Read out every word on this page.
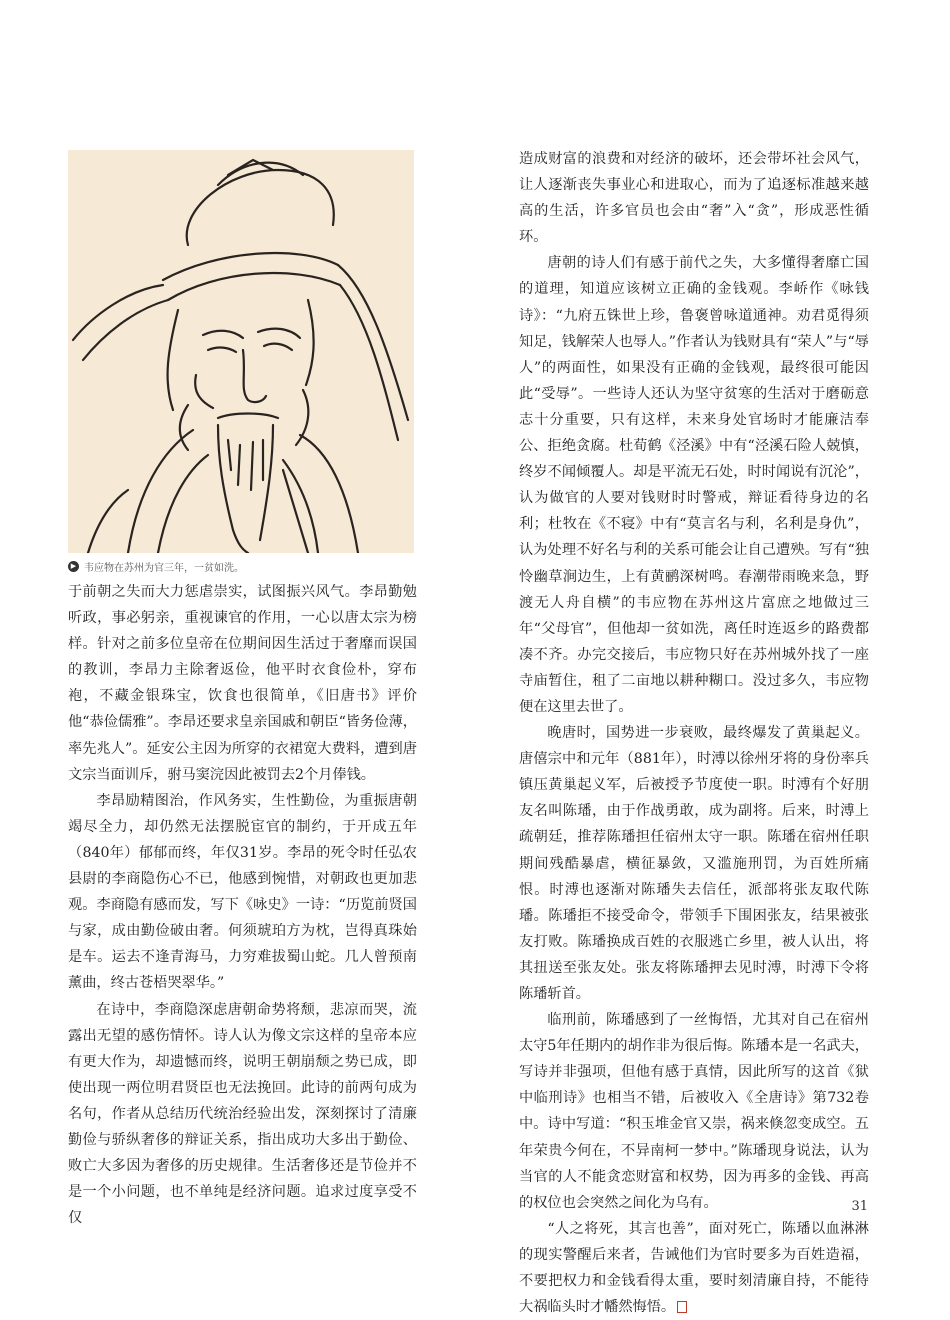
▶ 韦应物在苏州为官三年，一贫如洗。

于前朝之失而大力惩虐崇实，试图振兴风气。李昂勤勉听政，事必躬亲，重视谏官的作用，一心以唐太宗为榜样。针对之前多位皇帝在位期间因生活过于奢靡而误国的教训，李昂力主除奢返俭，他平时衣食俭朴，穿布袍，不藏金银珠宝，饮食也很简单，《旧唐书》评价他“恭俭儒雅”。李昂还要求皇亲国戚和朝臣“皆务俭薄，率先兆人”。延安公主因为所穿的衣裙宽大费料，遭到唐文宗当面训斥，驸马窦浣因此被罚去2个月俸钱。

李昂励精图治，作风务实，生性勤俭，为重振唐朝竭尽全力，却仍然无法摆脱宦官的制约，于开成五年（840年）郁郁而终，年仅31岁。李昂的死令时任弘农县尉的李商隐伤心不已，他感到惋惜，对朝政也更加悲观。李商隐有感而发，写下《咏史》一诗：“历览前贤国与家，成由勤俭破由奢。何须琥珀方为枕，岂得真珠始是车。运去不逢青海马，力穷难拔蜀山蛇。几人曾预南薰曲，终古苍梧哭翠华。”

在诗中，李商隐深虑唐朝命势将颓，悲凉而哭，流露出无望的感伤情怀。诗人认为像文宗这样的皇帝本应有更大作为，却遗憾而终，说明王朝崩颓之势已成，即使出现一两位明君贤臣也无法挽回。此诗的前两句成为名句，作者从总结历代统治经验出发，深刻探讨了清廉勤俭与骄纵奢侈的辩证关系，指出成功大多出于勤俭、败亡大多因为奢侈的历史规律。生活奢侈还是节俭并不是一个小问题，也不单纯是经济问题。追求过度享受不仅

造成财富的浪费和对经济的破坏，还会带坏社会风气，让人逐渐丧失事业心和进取心，而为了追逐标准越来越高的生活，许多官员也会由“奢”入“贪”，形成恶性循环。

唐朝的诗人们有感于前代之失，大多懂得奢靡亡国的道理，知道应该树立正确的金钱观。李峤作《咏钱诗》：“九府五铢世上珍，鲁褒曾咏道通神。劝君觅得须知足，钱解荣人也辱人。”作者认为钱财具有“荣人”与“辱人”的两面性，如果没有正确的金钱观，最终很可能因此“受辱”。一些诗人还认为坚守贫寒的生活对于磨砺意志十分重要，只有这样，未来身处官场时才能廉洁奉公、拒绝贪腐。杜荀鹤《泾溪》中有“泾溪石险人兢慎，终岁不闻倾覆人。却是平流无石处，时时闻说有沉沦”，认为做官的人要对钱财时时警戒，辩证看待身边的名利；杜牧在《不寝》中有“莫言名与利，名利是身仇”，认为处理不好名与利的关系可能会让自己遭殃。写有“独怜幽草涧边生，上有黄鹂深树鸣。春潮带雨晚来急，野渡无人舟自横”的韦应物在苏州这片富庶之地做过三年“父母官”，但他却一贫如洗，离任时连返乡的路费都凑不齐。办完交接后，韦应物只好在苏州城外找了一座寺庙暂住，租了二亩地以耕种糊口。没过多久，韦应物便在这里去世了。

晚唐时，国势进一步衰败，最终爆发了黄巢起义。唐僖宗中和元年（881年），时溥以徐州牙将的身份率兵镇压黄巢起义军，后被授予节度使一职。时溥有个好朋友名叫陈璠，由于作战勇敢，成为副将。后来，时溥上疏朝廷，推荐陈璠担任宿州太守一职。陈璠在宿州任职期间残酷暴虐，横征暴敛，又滥施刑罚，为百姓所痛恨。时溥也逐渐对陈璠失去信任，派部将张友取代陈璠。陈璠拒不接受命令，带领手下围困张友，结果被张友打败。陈璠换成百姓的衣服逃亡乡里，被人认出，将其扭送至张友处。张友将陈璠押去见时溥，时溥下令将陈璠斩首。

临刑前，陈璠感到了一丝悔悟，尤其对自己在宿州太守5年任期内的胡作非为很后悔。陈璠本是一名武夫，写诗并非强项，但他有感于真情，因此所写的这首《狱中临刑诗》也相当不错，后被收入《全唐诗》第732卷中。诗中写道：“积玉堆金官又崇，祸来倏忽变成空。五年荣贵今何在，不异南柯一梦中。”陈璠现身说法，认为当官的人不能贪恋财富和权势，因为再多的金钱、再高的权位也会突然之间化为乌有。

“人之将死，其言也善”，面对死亡，陈璠以血淋淋的现实警醒后来者，告诫他们为官时要多为百姓造福，不要把权力和金钱看得太重，要时刻清廉自持，不能待大祸临头时才幡然悔悟。

31
